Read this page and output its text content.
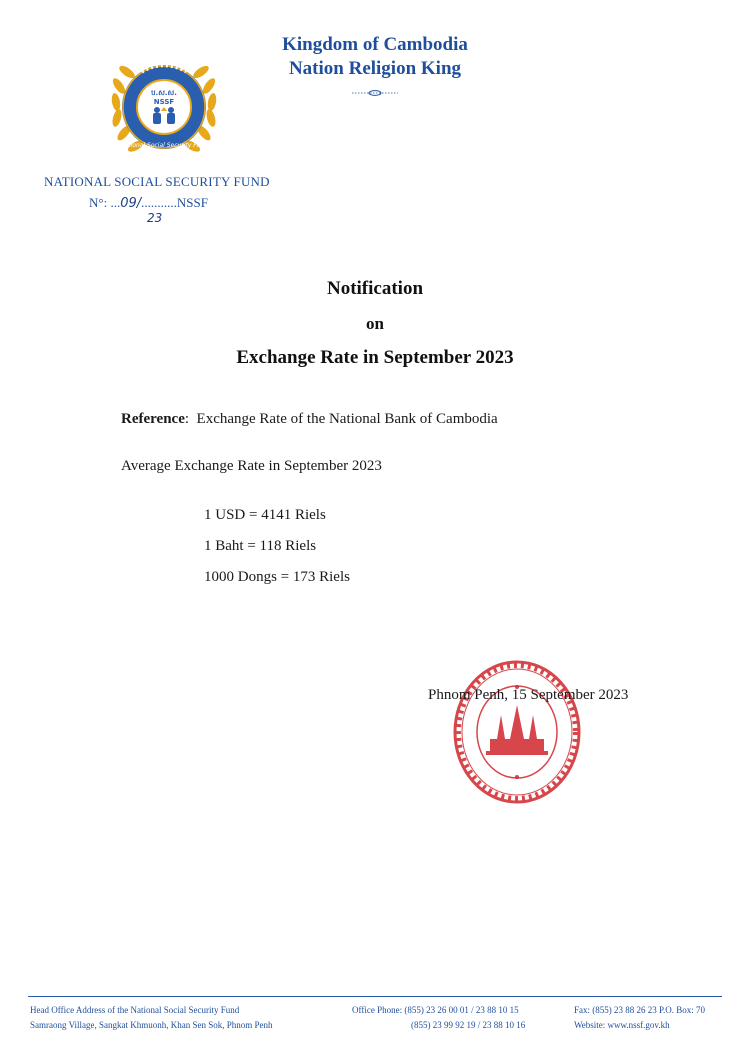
Kingdom of Cambodia
Nation Religion King
National Social Security Fund
ប.ស.ស.
NSSF
NATIONAL SOCIAL SECURITY FUND
N°: ...09/...........NSSF
23
Notification
on
Exchange Rate in September 2023
Reference:  Exchange Rate of the National Bank of Cambodia
Average Exchange Rate in September 2023
1 USD = 4141 Riels
1 Baht = 118 Riels
1000 Dongs = 173 Riels
Phnom Penh, 15 September 2023
Head Office Address of the National Social Security Fund
Samraong Village, Sangkat Khmuonh, Khan Sen Sok, Phnom Penh
Office Phone: (855) 23 26 00 01 / 23 88 10 15
(855) 23 99 92 19 / 23 88 10 16
Fax: (855) 23 88 26 23 P.O. Box: 70
Website: www.nssf.gov.kh
